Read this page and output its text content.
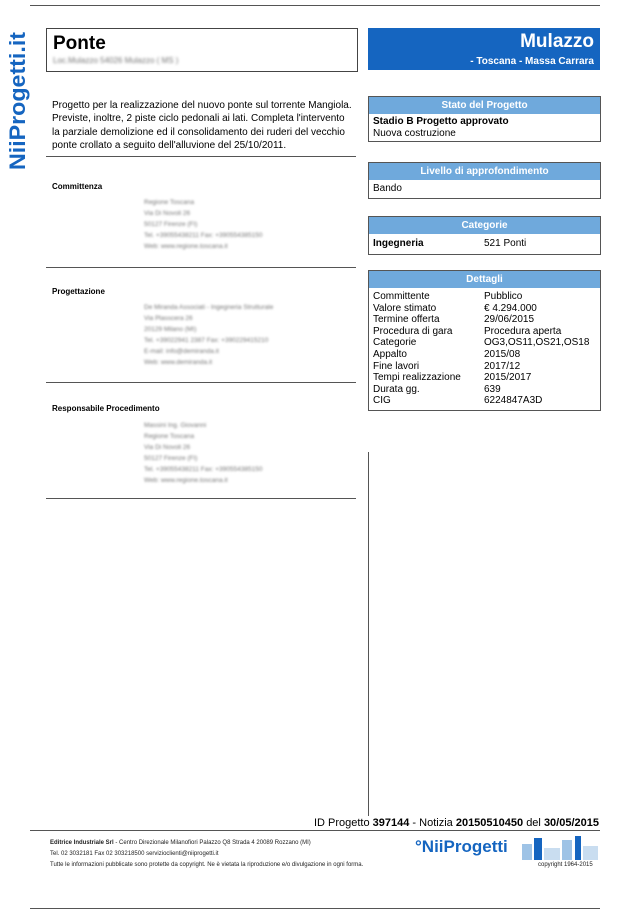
NiiProgetti.it Ponte
Loc.Mulazzo 54026 Mulazzo ( MS )
Mulazzo
- Toscana - Massa Carrara
Progetto per la realizzazione del nuovo ponte sul torrente Mangiola.
Previste, inoltre, 2 piste ciclo pedonali ai lati. Completa l'intervento
la parziale demolizione ed il consolidamento dei ruderi del vecchio
ponte crollato a seguito dell'alluvione del 25/10/2011.
Committenza
Regione Toscana
Via Di Novoli 26
50127 Firenze (FI)
Tel. +39055438211 Fax: +390554385150
Web: www.regione.toscana.it
Progettazione
De Miranda Associati - Ingegneria Strutturale
Via Plasscera 26
20129 Milano (MI)
Tel. +39022941 2387 Fax: +390229415210
E-mail: info@demiranda.it
Web: www.demiranda.it
Responsabile Procedimento
Massini Ing. Giovanni
Regione Toscana
Via Di Novoli 26
50127 Firenze (FI)
Tel. +39055438211 Fax: +390554385150
Web: www.regione.toscana.it
Stato del Progetto
Stadio B Progetto approvato
Nuova costruzione
Livello di approfondimento
Bando
Categorie
Ingegneria	521 Ponti
Dettagli
Committente	Pubblico
Valore stimato	€ 4.294.000
Termine offerta	29/06/2015
Procedura di gara	Procedura aperta
Categorie	OG3,OS11,OS21,OS18
Appalto	2015/08
Fine lavori	2017/12
Tempi realizzazione	2015/2017
Durata gg.	639
CIG	6224847A3D
ID Progetto 397144 - Notizia 20150510450 del 30/05/2015
Editrice Industriale Srl - Centro Direzionale Milanofiori Palazzo Q8 Strada 4 20089 Rozzano (MI)
Tel. 02 3032181 Fax 02 303218500 servizioclienti@niiprogetti.it
Tutte le informazioni pubblicate sono protette da copyright. Ne è vietata la riproduzione e/o divulgazione in ogni forma.
°NiiProgetti
copyright 1964-2015
